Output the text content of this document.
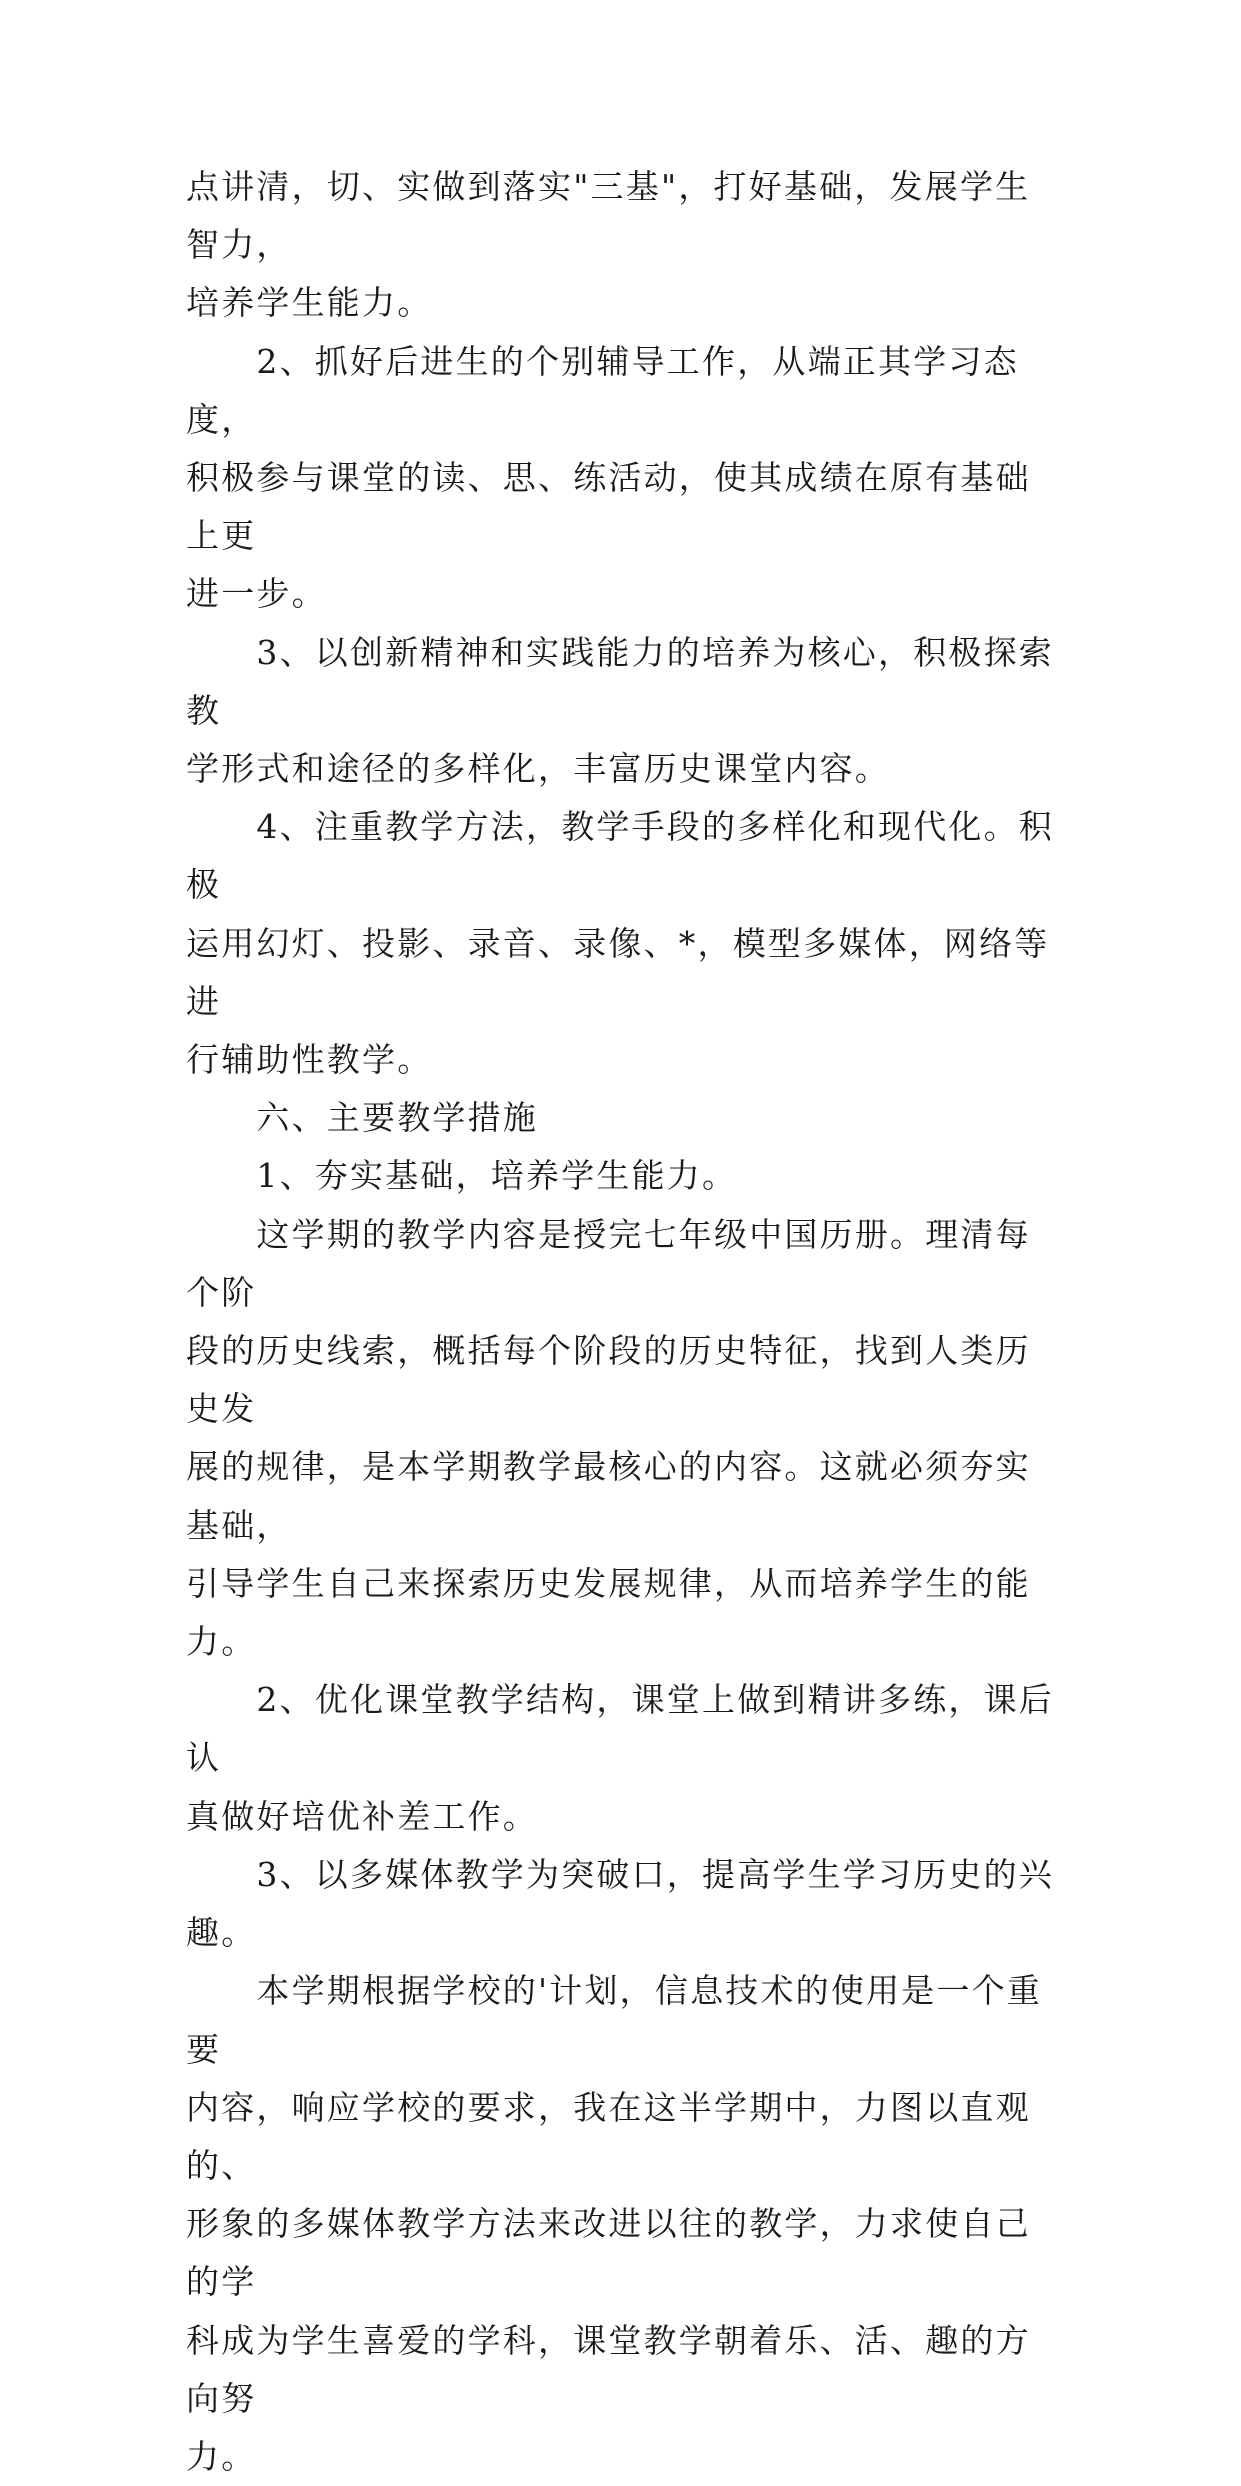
点讲清，切、实做到落实"三基"，打好基础，发展学生智力，
培养学生能力。
　　2、抓好后进生的个别辅导工作，从端正其学习态度，
积极参与课堂的读、思、练活动，使其成绩在原有基础上更
进一步。
　　3、以创新精神和实践能力的培养为核心，积极探索教
学形式和途径的多样化，丰富历史课堂内容。
　　4、注重教学方法，教学手段的多样化和现代化。积极
运用幻灯、投影、录音、录像、*，模型多媒体，网络等进
行辅助性教学。
　　六、主要教学措施
　　1、夯实基础，培养学生能力。
　　这学期的教学内容是授完七年级中国历册。理清每个阶
段的历史线索，概括每个阶段的历史特征，找到人类历史发
展的规律，是本学期教学最核心的内容。这就必须夯实基础，
引导学生自己来探索历史发展规律，从而培养学生的能力。
　　2、优化课堂教学结构，课堂上做到精讲多练，课后认
真做好培优补差工作。
　　3、以多媒体教学为突破口，提高学生学习历史的兴趣。
　　本学期根据学校的'计划，信息技术的使用是一个重要
内容，响应学校的要求，我在这半学期中，力图以直观的、
形象的多媒体教学方法来改进以往的教学，力求使自己的学
科成为学生喜爱的学科，课堂教学朝着乐、活、趣的方向努
力。
